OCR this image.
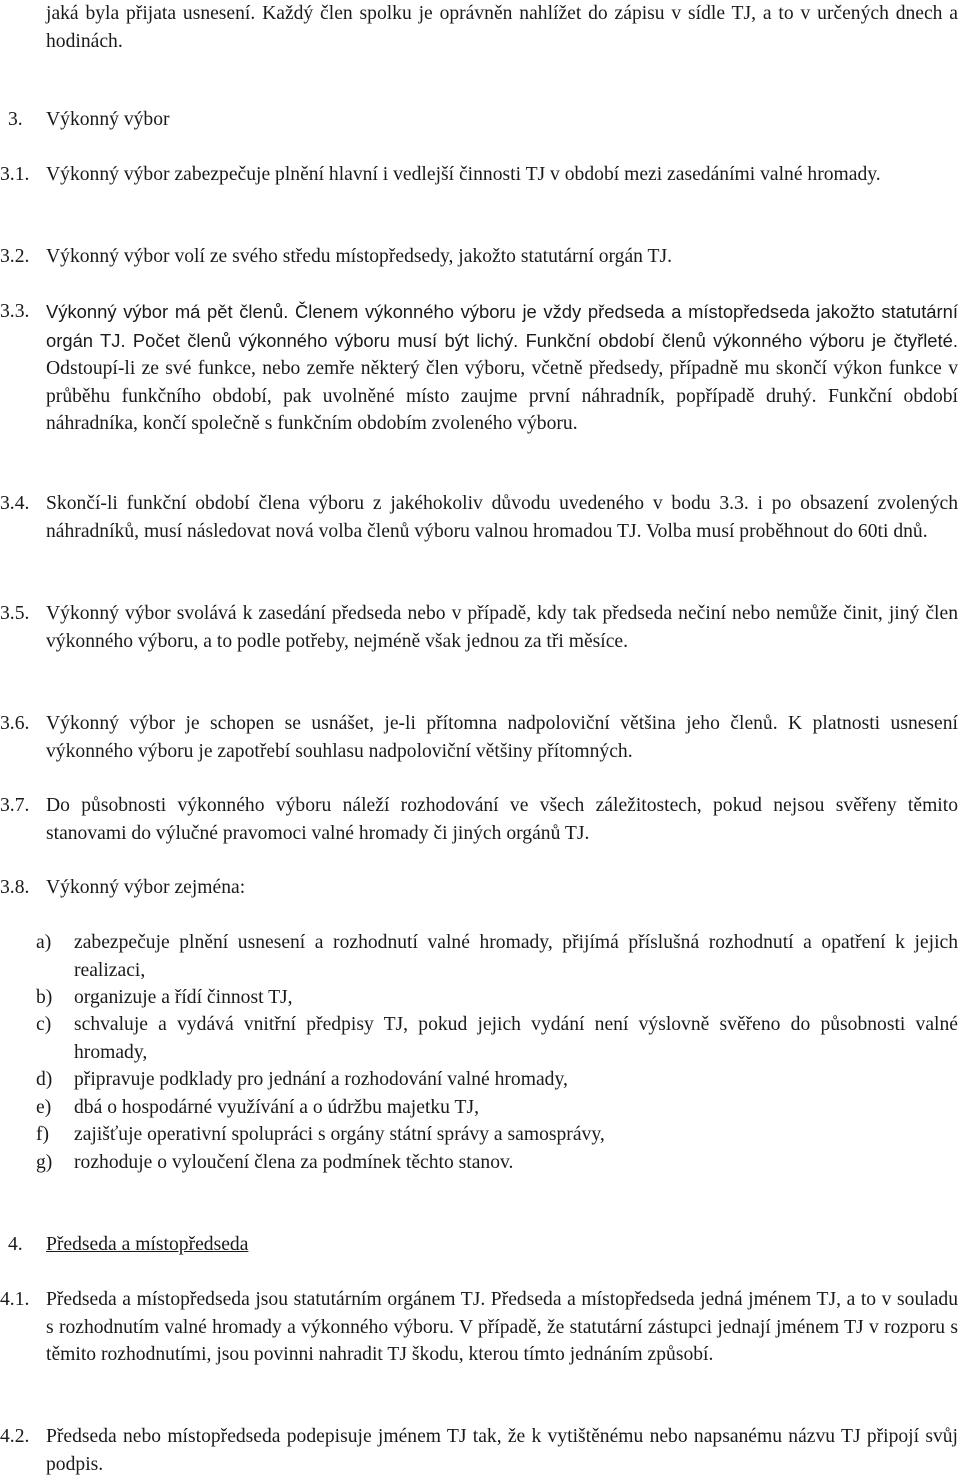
jaká byla přijata usnesení. Každý člen spolku je oprávněn nahlížet do zápisu v sídle TJ, a to v určených dnech a hodinách.

3. Výkonný výbor

3.1. Výkonný výbor zabezpečuje plnění hlavní i vedlejší činnosti TJ v období mezi zasedáními valné hromady.

3.2. Výkonný výbor volí ze svého středu místopředsedy, jakožto statutární orgán TJ.

3.3. Výkonný výbor má pět členů. Členem výkonného výboru je vždy předseda a místopředseda jakožto statutární orgán TJ. Počet členů výkonného výboru musí být lichý. Funkční období členů výkonného výboru je čtyřleté. Odstoupí-li ze své funkce, nebo zemře některý člen výboru, včetně předsedy, případně mu skončí výkon funkce v průběhu funkčního období, pak uvolněné místo zaujme první náhradník, popřípadě druhý. Funkční období náhradníka, končí společně s funkčním obdobím zvoleného výboru.

3.4. Skončí-li funkční období člena výboru z jakéhokoliv důvodu uvedeného v bodu 3.3. i po obsazení zvolených náhradníků, musí následovat nová volba členů výboru valnou hromadou TJ. Volba musí proběhnout do 60ti dnů.

3.5. Výkonný výbor svolává k zasedání předseda nebo v případě, kdy tak předseda nečiní nebo nemůže činit, jiný člen výkonného výboru, a to podle potřeby, nejméně však jednou za tři měsíce.

3.6. Výkonný výbor je schopen se usnášet, je-li přítomna nadpoloviční většina jeho členů. K platnosti usnesení výkonného výboru je zapotřebí souhlasu nadpoloviční většiny přítomných.

3.7. Do působnosti výkonného výboru náleží rozhodování ve všech záležitostech, pokud nejsou svěřeny těmito stanovami do výlučné pravomoci valné hromady či jiných orgánů TJ.

3.8. Výkonný výbor zejména:

a) zabezpečuje plnění usnesení a rozhodnutí valné hromady, přijímá příslušná rozhodnutí a opatření k jejich realizaci,

b) organizuje a řídí činnost TJ,

c) schvaluje a vydává vnitřní předpisy TJ, pokud jejich vydání není výslovně svěřeno do působnosti valné hromady,

d) připravuje podklady pro jednání a rozhodování valné hromady,

e) dbá o hospodárné využívání a o údržbu majetku TJ,

f) zajišťuje operativní spolupráci s orgány státní správy a samosprávy,

g) rozhoduje o vyloučení člena za podmínek těchto stanov.

4. Předseda a místopředseda

4.1. Předseda a místopředseda jsou statutárním orgánem TJ. Předseda a místopředseda jedná jménem TJ, a to v souladu s rozhodnutím valné hromady a výkonného výboru. V případě, že statutární zástupci jednají jménem TJ v rozporu s těmito rozhodnutími, jsou povinni nahradit TJ škodu, kterou tímto jednáním způsobí.

4.2. Předseda nebo místopředseda podepisuje jménem TJ tak, že k vytištěnému nebo napsanému názvu TJ připojí svůj podpis.
